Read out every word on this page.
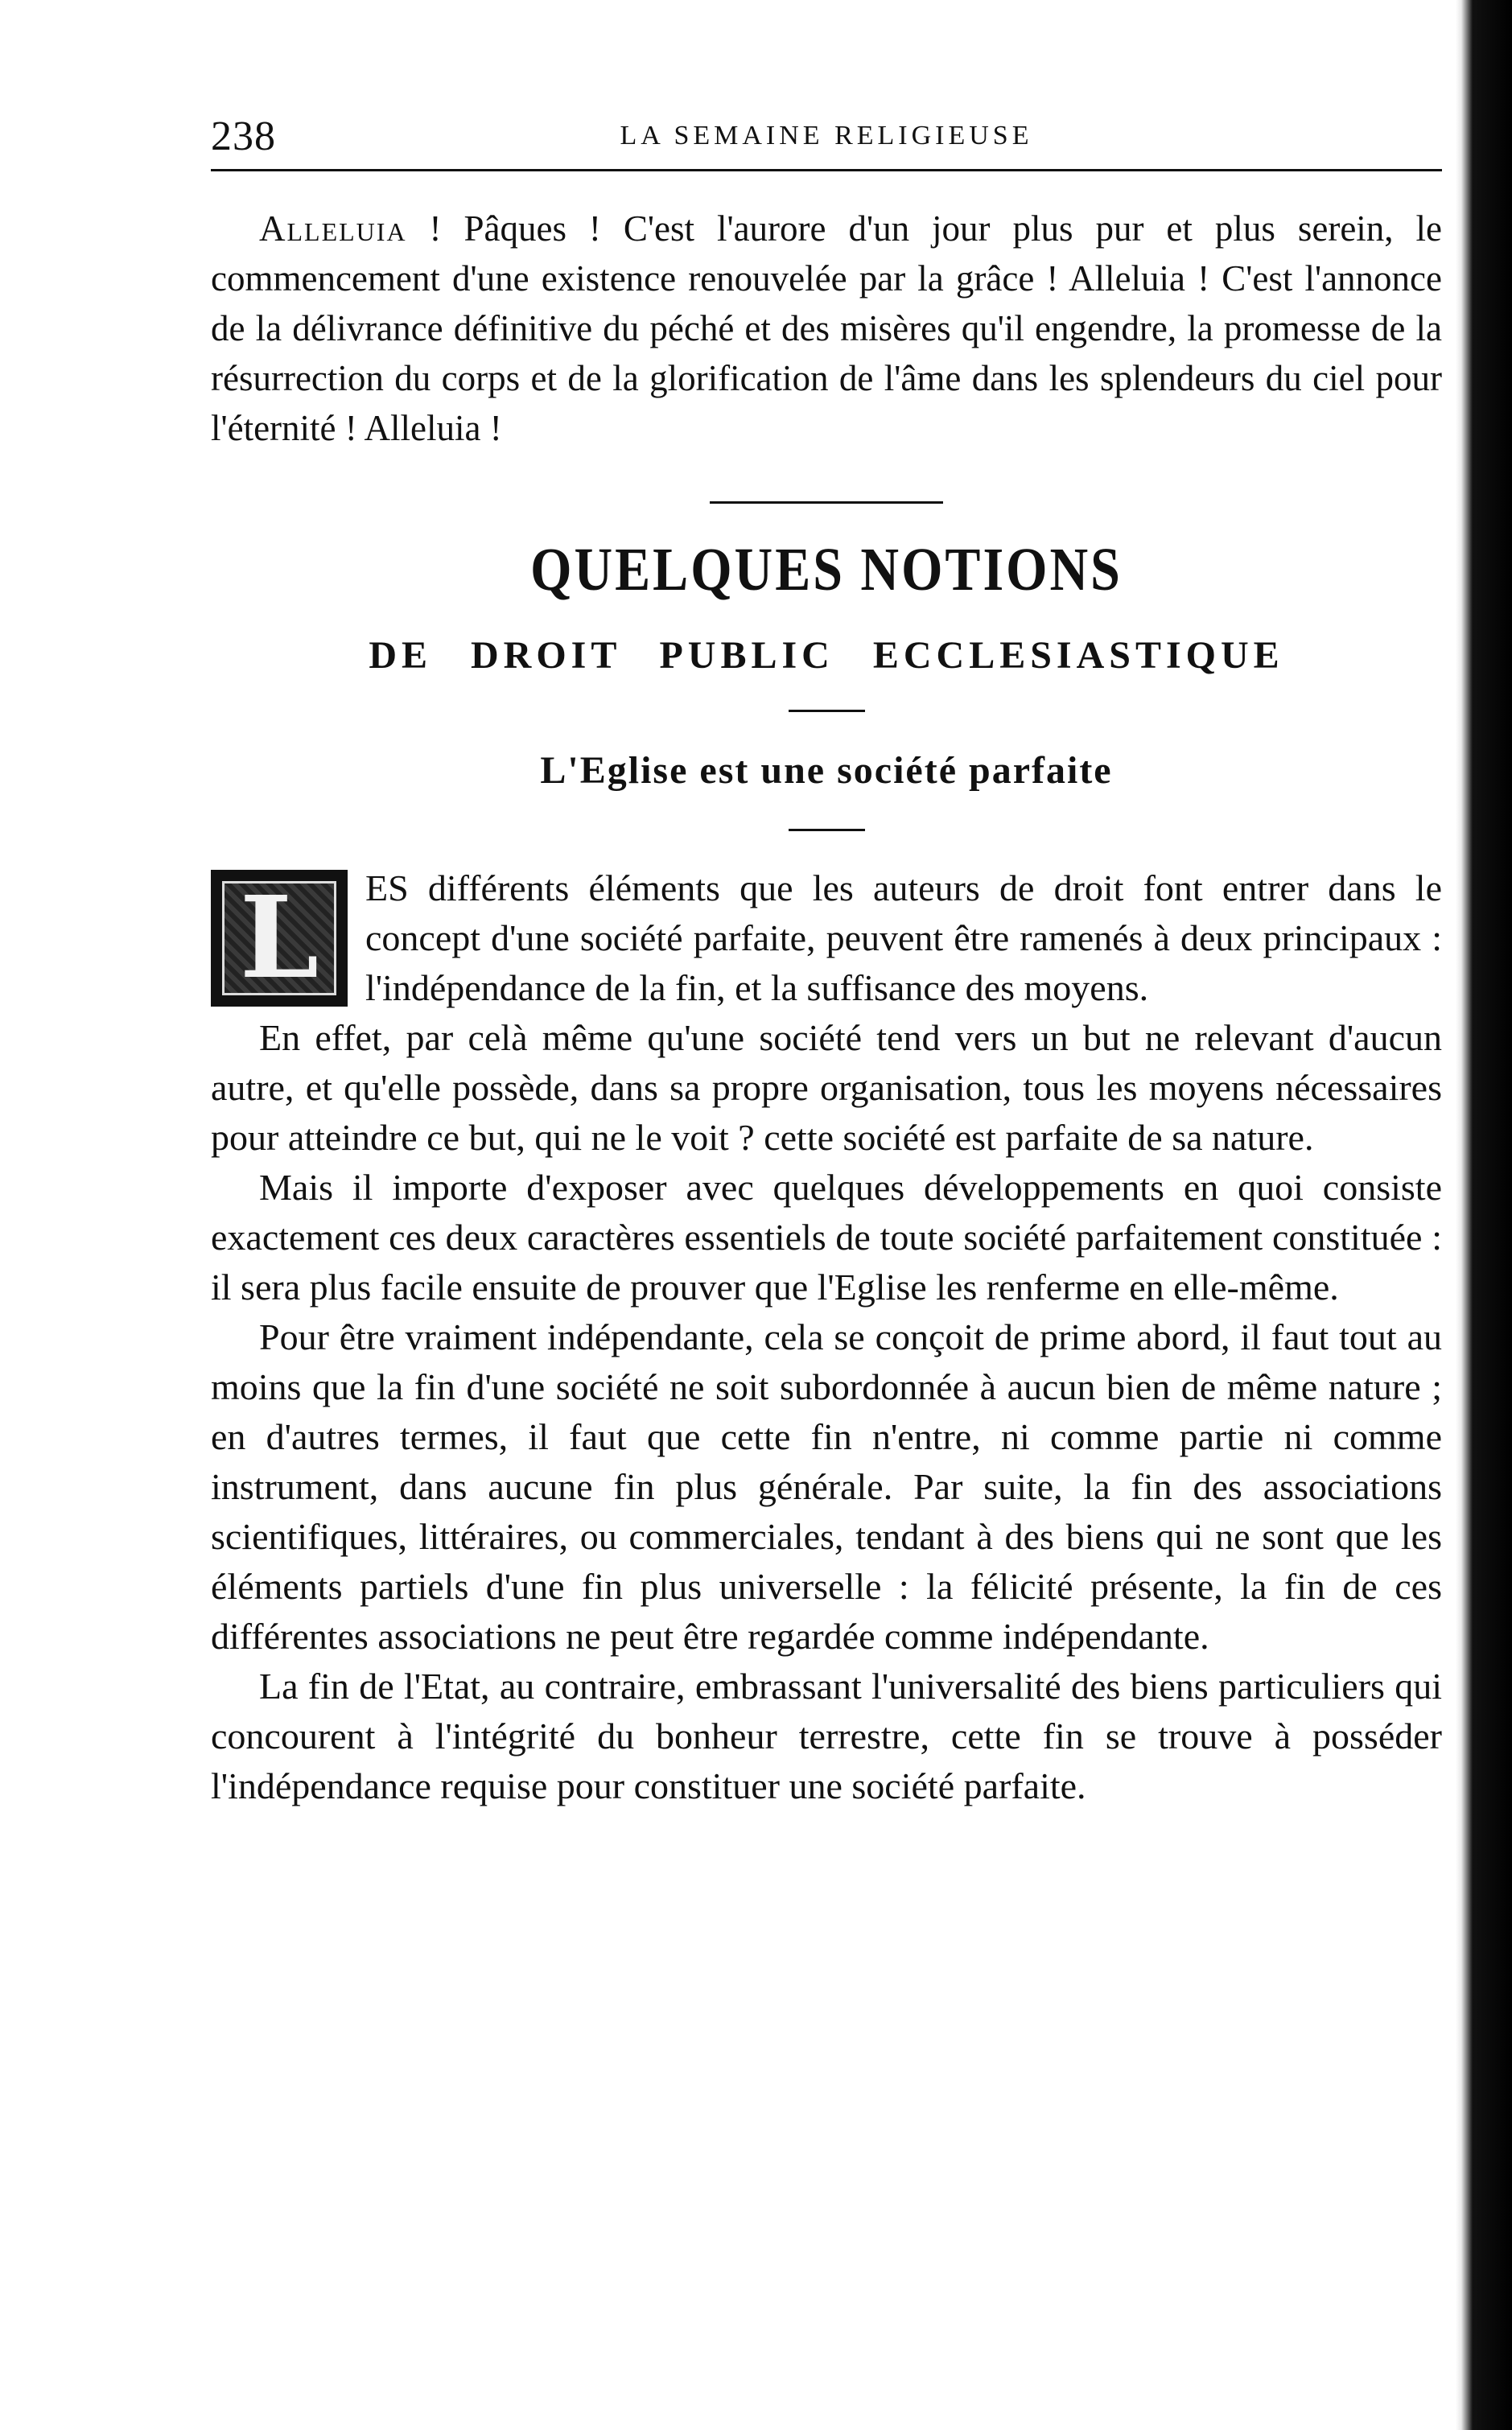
238	LA SEMAINE RELIGIEUSE
Alleluia ! Pâques ! C'est l'aurore d'un jour plus pur et plus serein, le commencement d'une existence renouvelée par la grâce ! Alleluia ! C'est l'annonce de la délivrance définitive du péché et des misères qu'il engendre, la promesse de la résurrection du corps et de la glorification de l'âme dans les splendeurs du ciel pour l'éternité ! Alleluia !
QUELQUES NOTIONS
DE DROIT PUBLIC ECCLESIASTIQUE
L'Eglise est une société parfaite
L	ES différents éléments que les auteurs de droit font entrer dans le concept d'une société parfaite, peuvent être ramenés à deux principaux : l'indépendance de la fin, et la suffisance des moyens.

En effet, par celà même qu'une société tend vers un but ne relevant d'aucun autre, et qu'elle possède, dans sa propre organisation, tous les moyens nécessaires pour atteindre ce but, qui ne le voit ? cette société est parfaite de sa nature.

Mais il importe d'exposer avec quelques développements en quoi consiste exactement ces deux caractères essentiels de toute société parfaitement constituée : il sera plus facile ensuite de prouver que l'Eglise les renferme en elle-même.

Pour être vraiment indépendante, cela se conçoit de prime abord, il faut tout au moins que la fin d'une société ne soit subordonnée à aucun bien de même nature ; en d'autres termes, il faut que cette fin n'entre, ni comme partie ni comme instrument, dans aucune fin plus générale. Par suite, la fin des associations scientifiques, littéraires, ou commerciales, tendant à des biens qui ne sont que les éléments partiels d'une fin plus universelle : la félicité présente, la fin de ces différentes associations ne peut être regardée comme indépendante.

La fin de l'Etat, au contraire, embrassant l'universalité des biens particuliers qui concourent à l'intégrité du bonheur terrestre, cette fin se trouve à posséder l'indépendance requise pour constituer une société parfaite.
